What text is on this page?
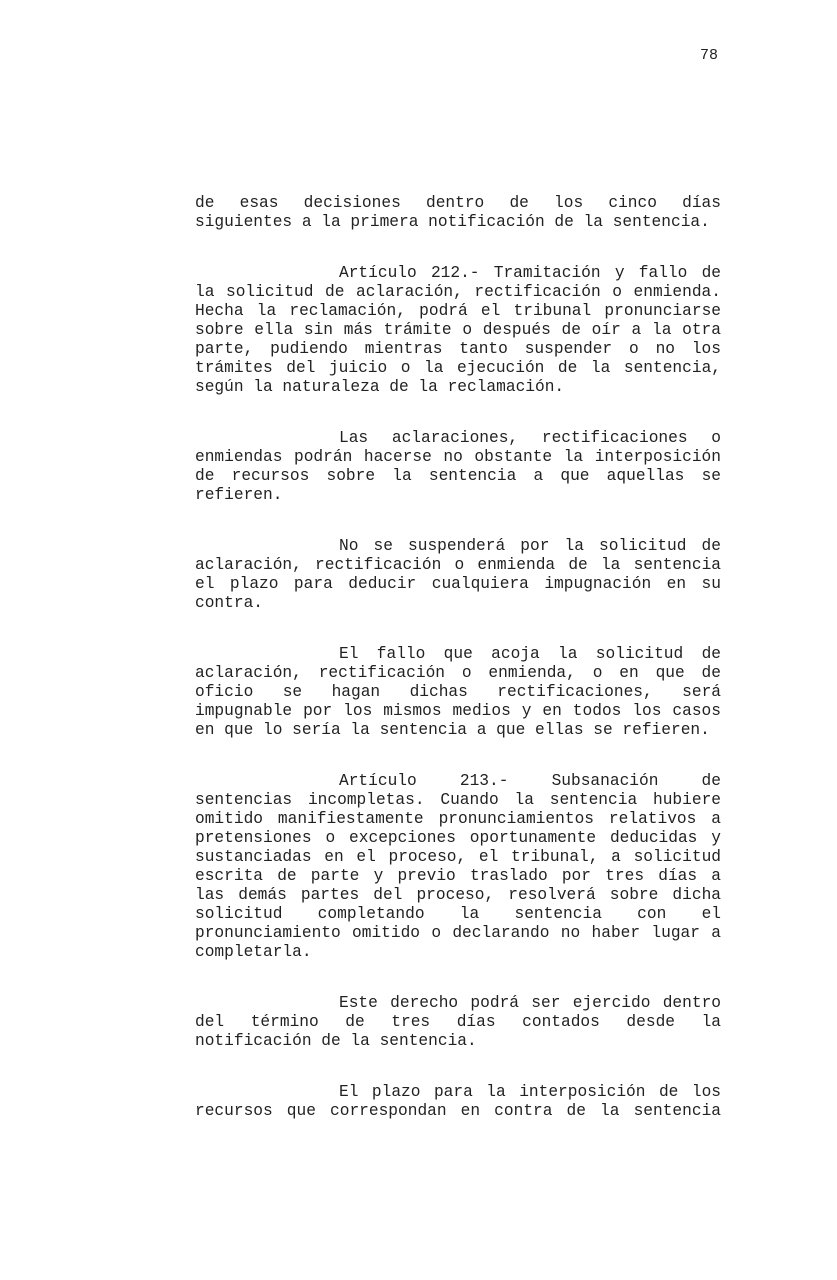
78
de esas decisiones dentro de los cinco días
siguientes a la primera notificación de la sentencia.
Artículo 212.- Tramitación y fallo de
la solicitud de aclaración, rectificación o enmienda.
Hecha la reclamación, podrá el tribunal pronunciarse
sobre ella sin más trámite o después de oír a la otra
parte, pudiendo mientras tanto suspender o no los
trámites del juicio o la ejecución de la sentencia,
según la naturaleza de la reclamación.
Las aclaraciones, rectificaciones o
enmiendas podrán hacerse no obstante la interposición
de recursos sobre la sentencia a que aquellas se
refieren.
No se suspenderá por la solicitud de
aclaración, rectificación o enmienda de la sentencia
el plazo para deducir cualquiera impugnación en su
contra.
El fallo que acoja la solicitud de
aclaración, rectificación o enmienda, o en que de
oficio se hagan dichas rectificaciones, será
impugnable por los mismos medios y en todos los casos
en que lo sería la sentencia a que ellas se refieren.
Artículo 213.- Subsanación de
sentencias incompletas. Cuando la sentencia hubiere
omitido manifiestamente pronunciamientos relativos a
pretensiones o excepciones oportunamente deducidas y
sustanciadas en el proceso, el tribunal, a solicitud
escrita de parte y previo traslado por tres días a
las demás partes del proceso, resolverá sobre dicha
solicitud completando la sentencia con el
pronunciamiento omitido o declarando no haber lugar a
completarla.
Este derecho podrá ser ejercido dentro
del término de tres días contados desde la
notificación de la sentencia.
El plazo para la interposición de los
recursos que correspondan en contra de la sentencia
